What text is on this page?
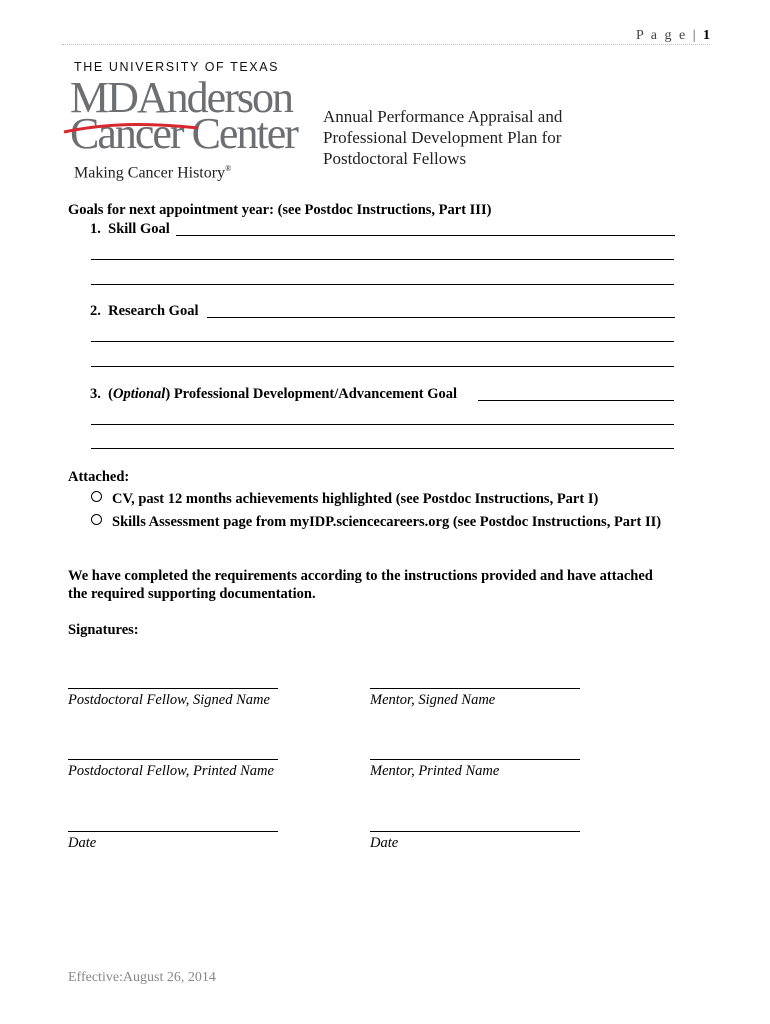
P a g e | 1
THE UNIVERSITY OF TEXAS
MDAnderson
Cancer Center
Making Cancer History®
Annual Performance Appraisal and
Professional Development Plan for
Postdoctoral Fellows
Goals for next appointment year: (see Postdoc Instructions, Part III)
1. Skill Goal
2. Research Goal
3.  (Optional) Professional Development/Advancement Goal
Attached:
CV, past 12 months achievements highlighted (see Postdoc Instructions, Part I)
Skills Assessment page from myIDP.sciencecareers.org (see Postdoc Instructions, Part II)
We have completed the requirements according to the instructions provided and have attached
the required supporting documentation.
Signatures:
Postdoctoral Fellow, Signed Name	Mentor, Signed Name
Postdoctoral Fellow, Printed Name	Mentor, Printed Name
Date	Date
Effective:August 26, 2014
